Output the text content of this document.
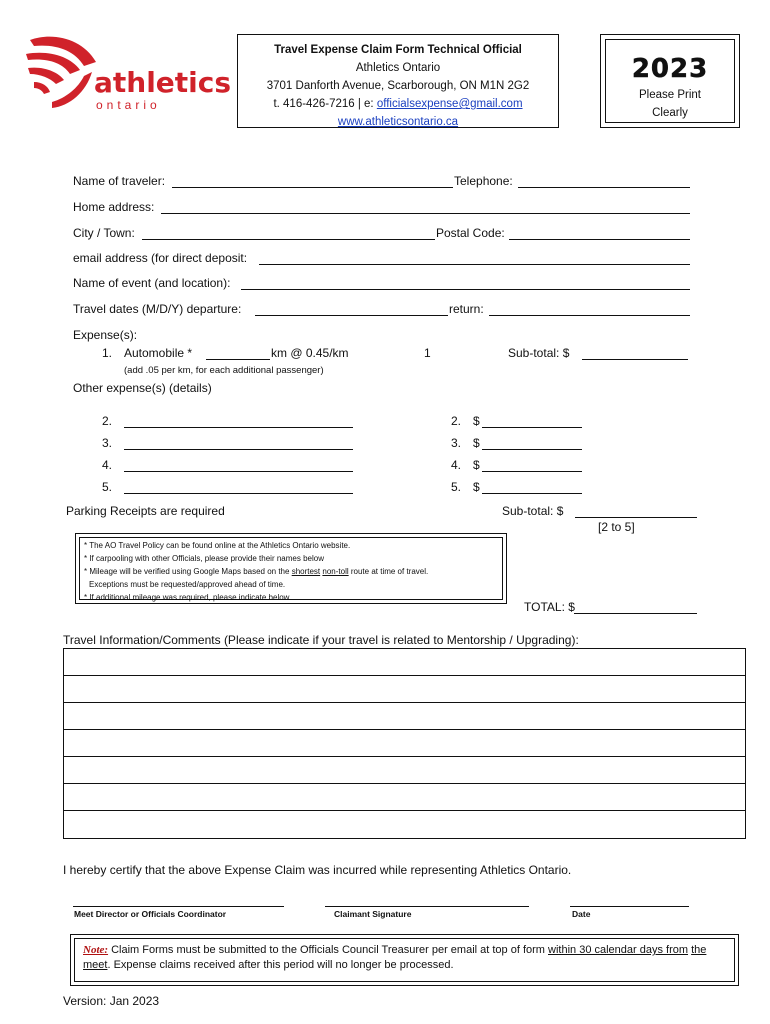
athletics
ontario
Travel Expense Claim Form Technical Official
Athletics Ontario
3701 Danforth Avenue, Scarborough, ON M1N 2G2
t. 416-426-7216 | e: officialsexpense@gmail.com
www.athleticsontario.ca
2023
Please Print
Clearly
Name of traveler:	Telephone:
Home address:
City / Town:	Postal Code:
email address (for direct deposit:
Name of event (and location):
Travel dates (M/D/Y) departure:	return:
Expense(s):
1. Automobile *	km @ 0.45/km	1	Sub-total: $
(add .05 per km, for each additional passenger)
Other expense(s) (details)
2.	2. $
3.	3. $
4.	4. $
5.	5. $
Parking Receipts are required	Sub-total: $
[2 to 5]
* The AO Travel Policy can be found online at the Athletics Ontario website.
* If carpooling with other Officials, please provide their names below
* Mileage will be verified using Google Maps based on the shortest non-toll route at time of travel.
Exceptions must be requested/approved ahead of time.
* If additional mileage was required, please indicate below
TOTAL: $
Travel Information/Comments (Please indicate if your travel is related to Mentorship / Upgrading):
I hereby certify that the above Expense Claim was incurred while representing Athletics Ontario.
Meet Director or Officials Coordinator	Claimant Signature	Date
Note: Claim Forms must be submitted to the Officials Council Treasurer per email at top of form within 30 calendar days from the meet. Expense claims received after this period will no longer be processed.
Version: Jan 2023
